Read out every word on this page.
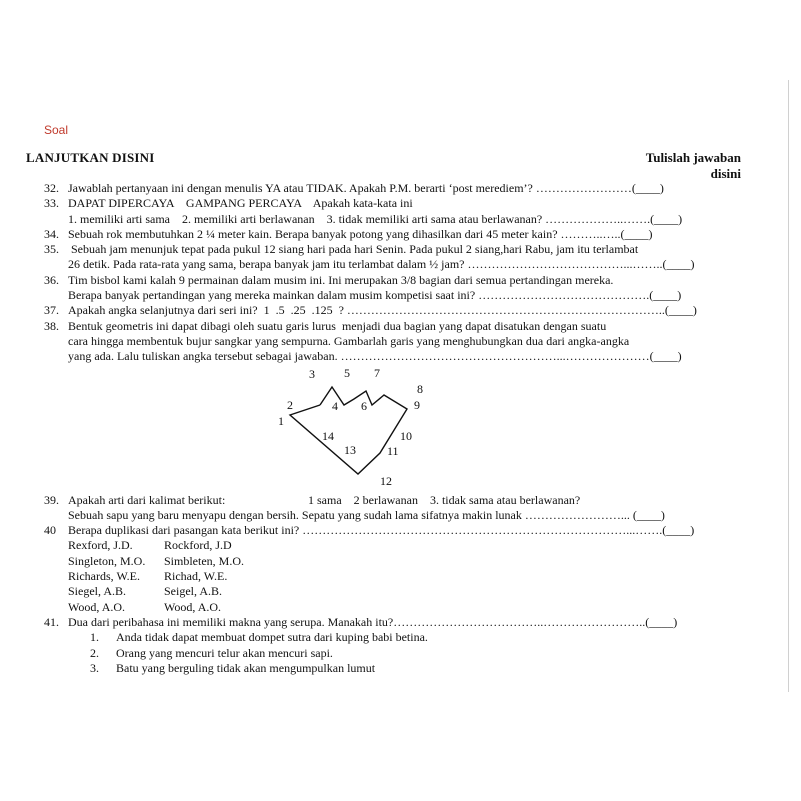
Soal
LANJUTKAN DISINI	Tulislah jawaban
disini
32. Jawablah pertanyaan ini dengan menulis YA atau TIDAK. Apakah P.M. berarti ‘post merediem’? ……………………(____)
33. DAPAT DIPERCAYA    GAMPANG PERCAYA    Apakah kata-kata ini
1. memiliki arti sama    2. memiliki arti berlawanan    3. tidak memiliki arti sama atau berlawanan? ………………..…….(____)
34. Sebuah rok membutuhkan 2 ¼ meter kain. Berapa banyak potong yang dihasilkan dari 45 meter kain? ………..…..(____)
35. Sebuah jam menunjuk tepat pada pukul 12 siang hari pada hari Senin. Pada pukul 2 siang,hari Rabu, jam itu terlambat
26 detik. Pada rata-rata yang sama, berapa banyak jam itu terlambat dalam ½ jam? …………………………………...……..(____)
36. Tim bisbol kami kalah 9 permainan dalam musim ini. Ini merupakan 3/8 bagian dari semua pertandingan mereka.
Berapa banyak pertandingan yang mereka mainkan dalam musim kompetisi saat ini? …………………………………….(____)
37. Apakah angka selanjutnya dari seri ini?  1  .5  .25  .125  ? ……………………………………………………………………..(____)
38. Bentuk geometris ini dapat dibagi oleh suatu garis lurus  menjadi dua bagian yang dapat disatukan dengan suatu
cara hingga membentuk bujur sangkar yang sempurna. Gambarlah garis yang menghubungkan dua dari angka-angka
yang ada. Lalu tuliskan angka tersebut sebagai jawaban. ………………………………………………...…………………(____)
1
2
3
4
5
6
7
8
9
10
11
12
13
14
39. Apakah arti dari kalimat berikut:	1 sama    2 berlawanan    3. tidak sama atau berlawanan?
Sebuah sapu yang baru menyapu dengan bersih. Sepatu yang sudah lama sifatnya makin lunak ……………………... (____)
40	Berapa duplikasi dari pasangan kata berikut ini? ………………………………………………………………………...…….(____)
Rexford, J.D.	Rockford, J.D
Singleton, M.O. Simbleten, M.O.
Richards, W.E. Richad, W.E.
Siegel, A.B.	Seigel, A.B.
Wood, A.O.	Wood, A.O.
41. Dua dari peribahasa ini memiliki makna yang serupa. Manakah itu?………………………………..……………………..(____)
1. Anda tidak dapat membuat dompet sutra dari kuping babi betina.
2. Orang yang mencuri telur akan mencuri sapi.
3. Batu yang berguling tidak akan mengumpulkan lumut
